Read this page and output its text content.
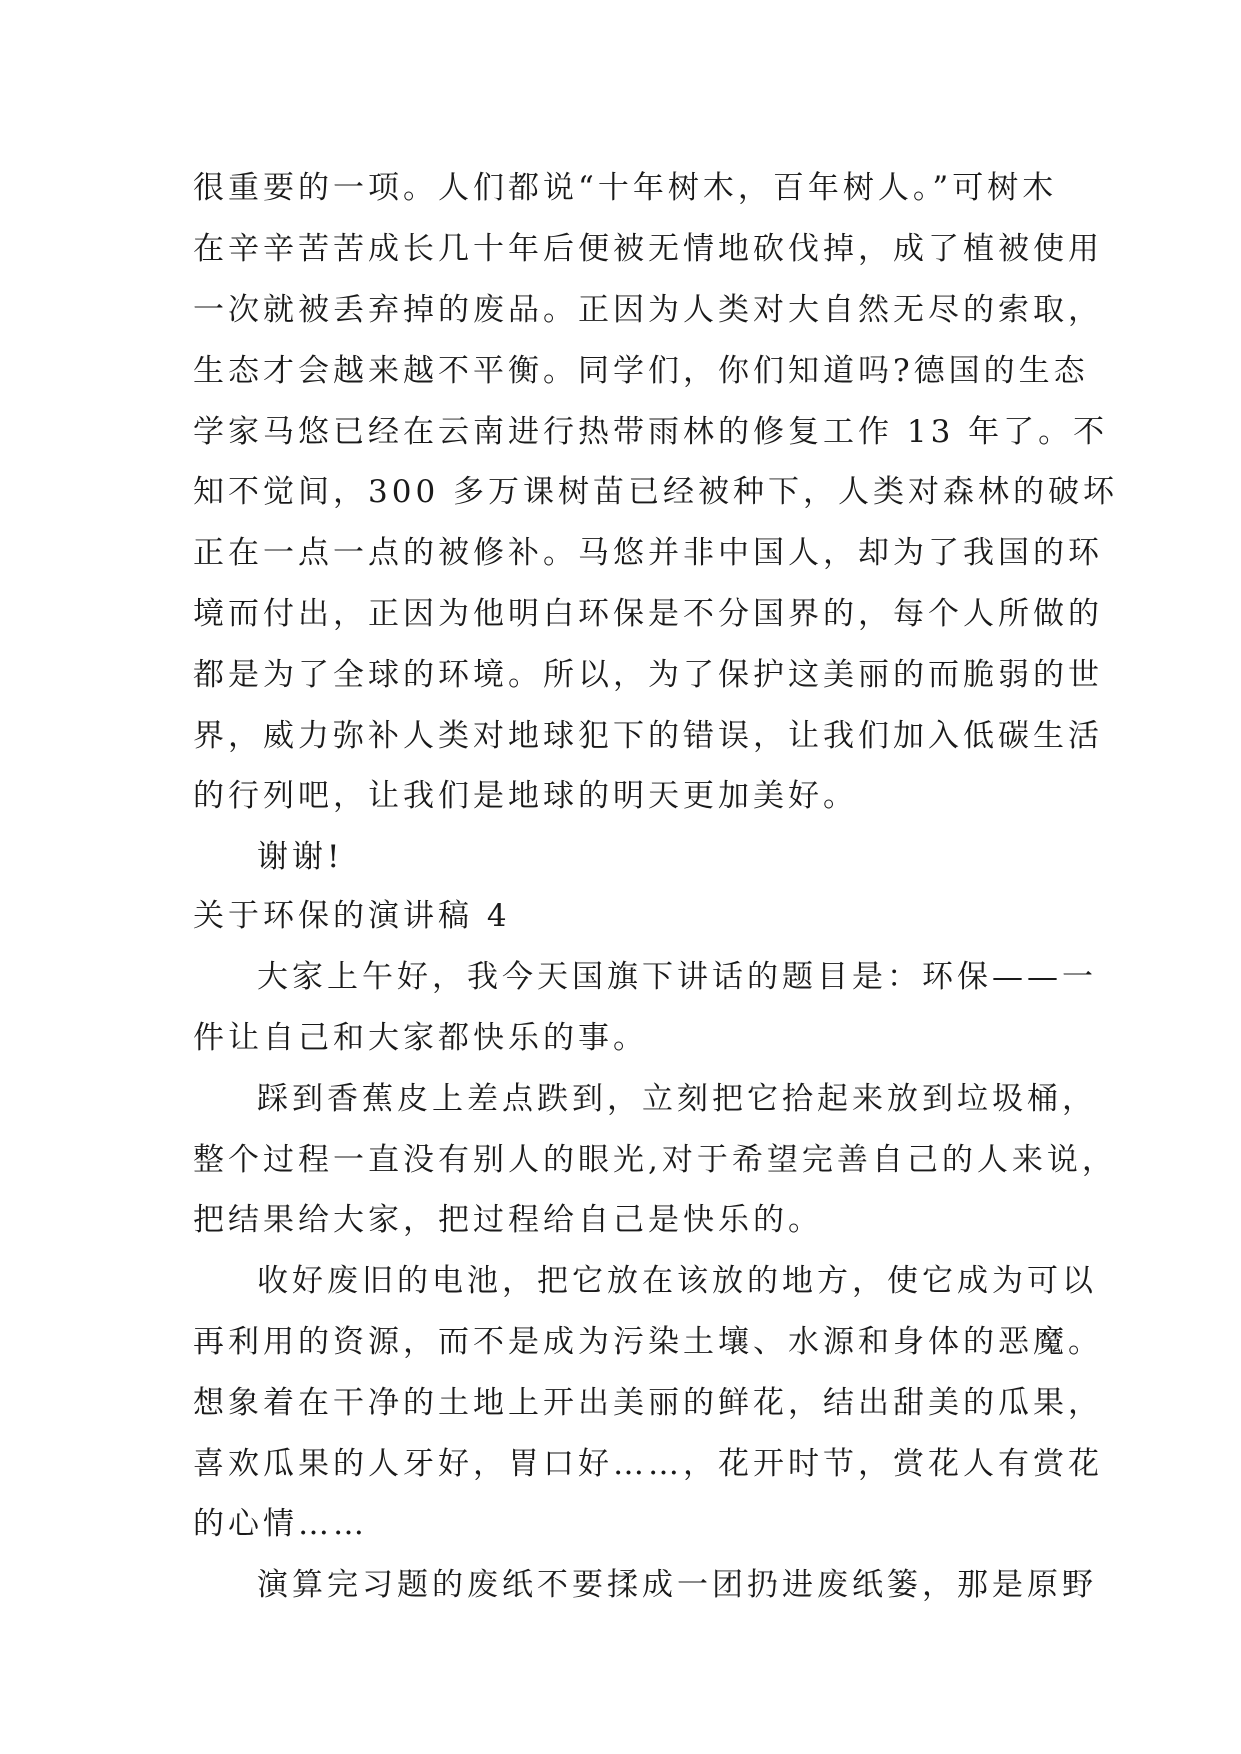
很重要的一项。人们都说“十年树木，百年树人。”可树木
在辛辛苦苦成长几十年后便被无情地砍伐掉，成了植被使用
一次就被丢弃掉的废品。正因为人类对大自然无尽的索取，
生态才会越来越不平衡。同学们，你们知道吗?德国的生态
学家马悠已经在云南进行热带雨林的修复工作 13 年了。不
知不觉间，300 多万课树苗已经被种下，人类对森林的破坏
正在一点一点的被修补。马悠并非中国人，却为了我国的环
境而付出，正因为他明白环保是不分国界的，每个人所做的
都是为了全球的环境。所以，为了保护这美丽的而脆弱的世
界，威力弥补人类对地球犯下的错误，让我们加入低碳生活
的行列吧，让我们是地球的明天更加美好。
谢谢!
关于环保的演讲稿 4
大家上午好，我今天国旗下讲话的题目是：环保——一
件让自己和大家都快乐的事。
踩到香蕉皮上差点跌到，立刻把它拾起来放到垃圾桶，
整个过程一直没有别人的眼光,对于希望完善自己的人来说，
把结果给大家，把过程给自己是快乐的。
收好废旧的电池，把它放在该放的地方，使它成为可以
再利用的资源，而不是成为污染土壤、水源和身体的恶魔。
想象着在干净的土地上开出美丽的鲜花，结出甜美的瓜果，
喜欢瓜果的人牙好，胃口好……，花开时节，赏花人有赏花
的心情……
演算完习题的废纸不要揉成一团扔进废纸篓，那是原野
